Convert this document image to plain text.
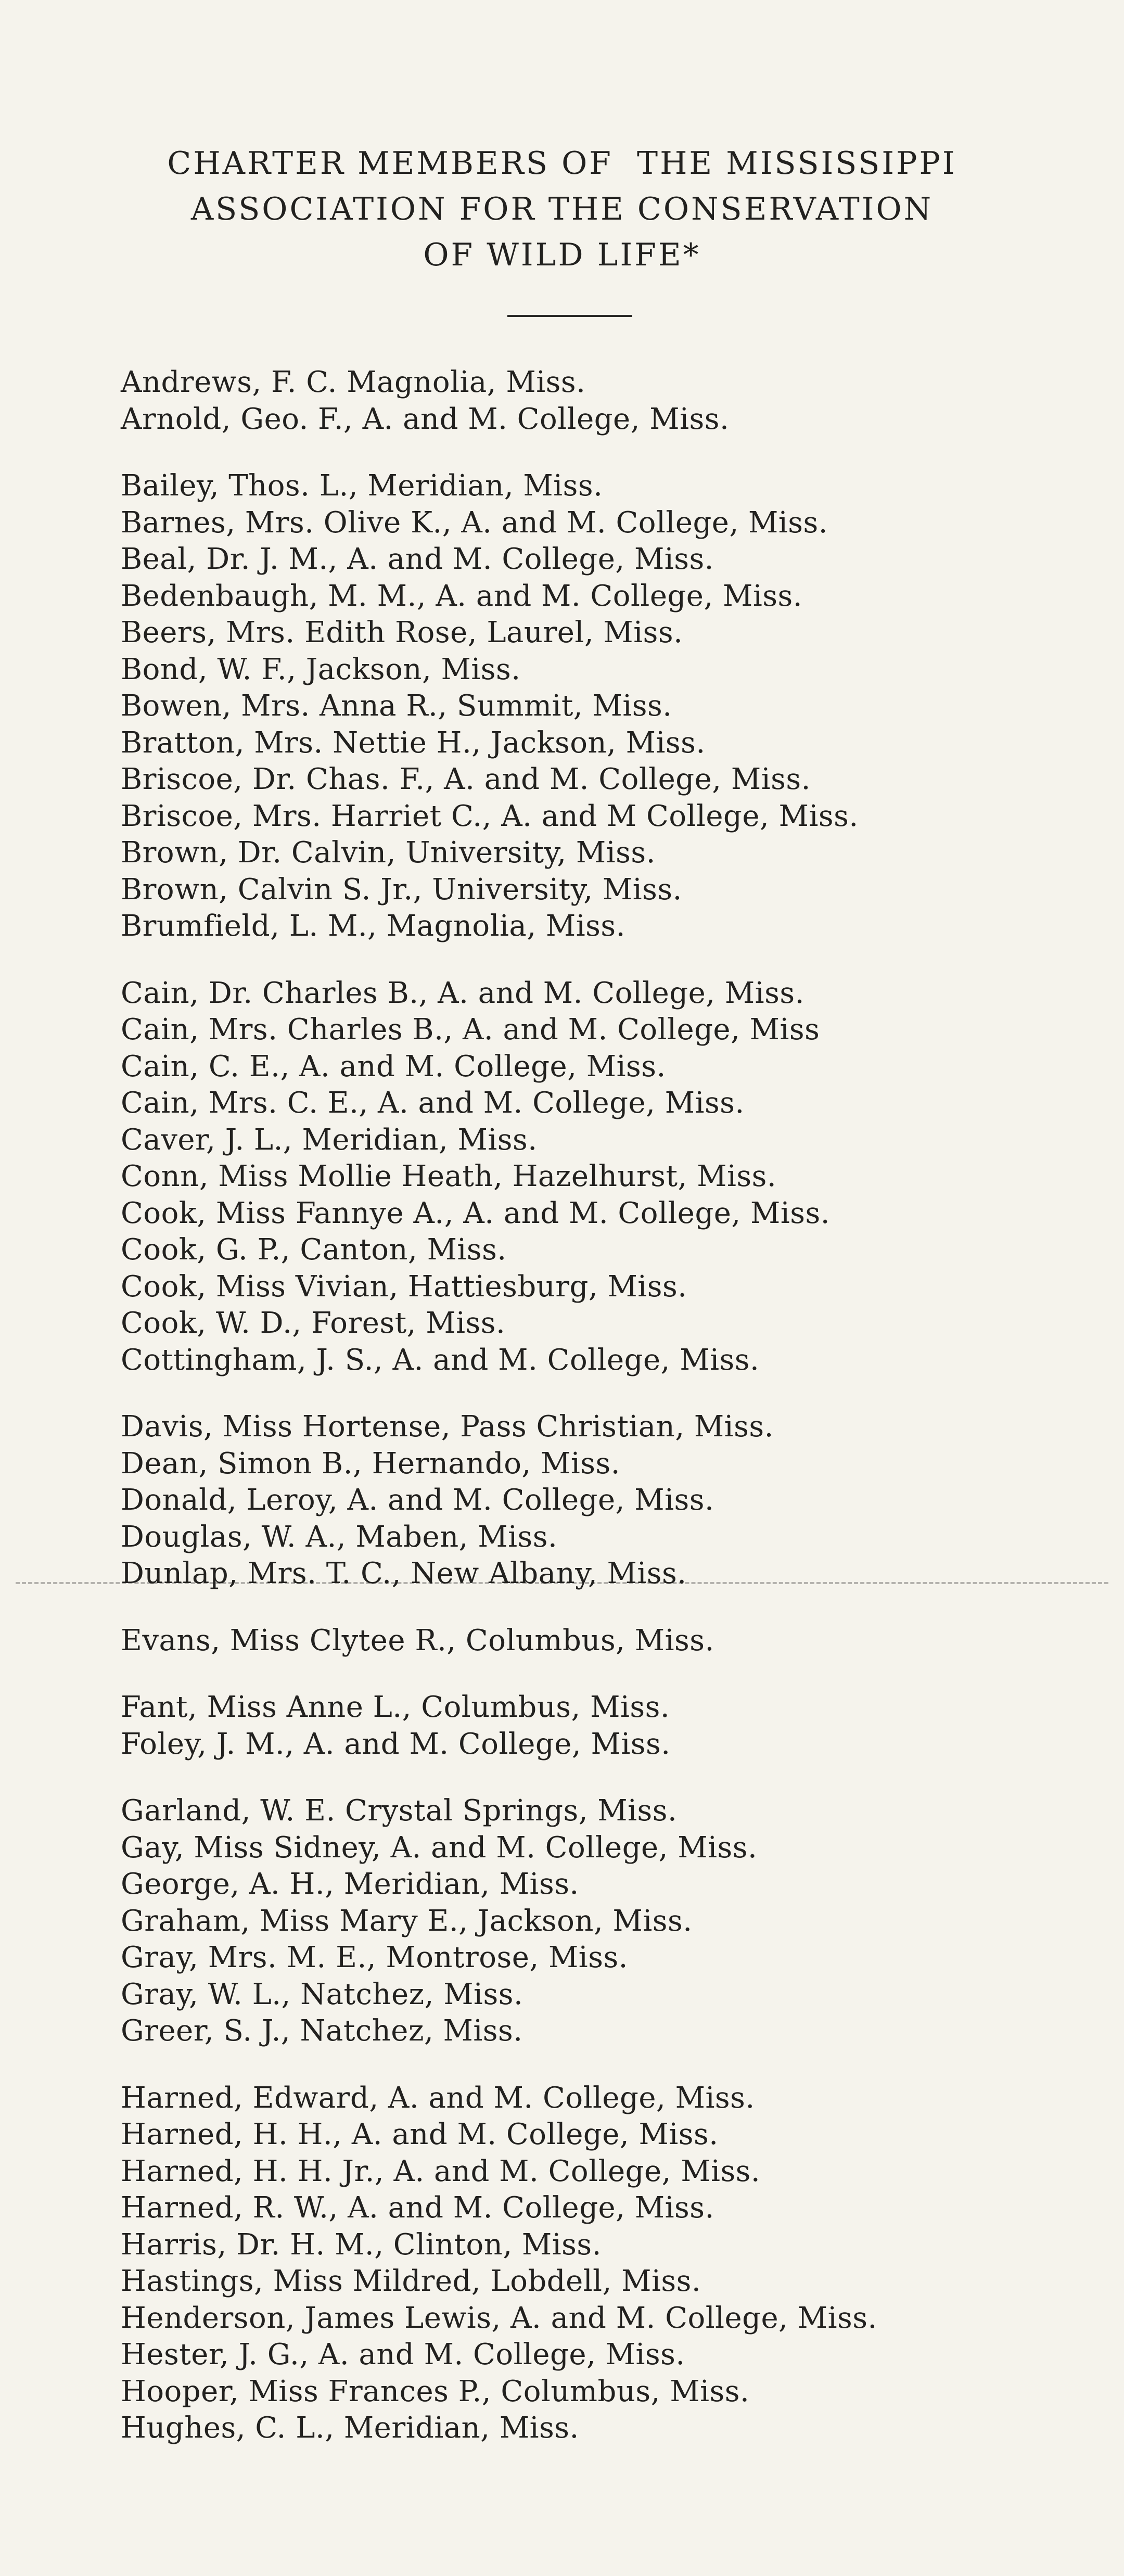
CHARTER MEMBERS OF  THE MISSISSIPPI
ASSOCIATION FOR THE CONSERVATION
OF WILD LIFE*
Andrews, F. C. Magnolia, Miss.
Arnold, Geo. F., A. and M. College, Miss.
Bailey, Thos. L., Meridian, Miss.
Barnes, Mrs. Olive K., A. and M. College, Miss.
Beal, Dr. J. M., A. and M. College, Miss.
Bedenbaugh, M. M., A. and M. College, Miss.
Beers, Mrs. Edith Rose, Laurel, Miss.
Bond, W. F., Jackson, Miss.
Bowen, Mrs. Anna R., Summit, Miss.
Bratton, Mrs. Nettie H., Jackson, Miss.
Briscoe, Dr. Chas. F., A. and M. College, Miss.
Briscoe, Mrs. Harriet C., A. and M College, Miss.
Brown, Dr. Calvin, University, Miss.
Brown, Calvin S. Jr., University, Miss.
Brumfield, L. M., Magnolia, Miss.
Cain, Dr. Charles B., A. and M. College, Miss.
Cain, Mrs. Charles B., A. and M. College, Miss
Cain, C. E., A. and M. College, Miss.
Cain, Mrs. C. E., A. and M. College, Miss.
Caver, J. L., Meridian, Miss.
Conn, Miss Mollie Heath, Hazelhurst, Miss.
Cook, Miss Fannye A., A. and M. College, Miss.
Cook, G. P., Canton, Miss.
Cook, Miss Vivian, Hattiesburg, Miss.
Cook, W. D., Forest, Miss.
Cottingham, J. S., A. and M. College, Miss.
Davis, Miss Hortense, Pass Christian, Miss.
Dean, Simon B., Hernando, Miss.
Donald, Leroy, A. and M. College, Miss.
Douglas, W. A., Maben, Miss.
Dunlap, Mrs. T. C., New Albany, Miss.
Evans, Miss Clytee R., Columbus, Miss.
Fant, Miss Anne L., Columbus, Miss.
Foley, J. M., A. and M. College, Miss.
Garland, W. E. Crystal Springs, Miss.
Gay, Miss Sidney, A. and M. College, Miss.
George, A. H., Meridian, Miss.
Graham, Miss Mary E., Jackson, Miss.
Gray, Mrs. M. E., Montrose, Miss.
Gray, W. L., Natchez, Miss.
Greer, S. J., Natchez, Miss.
Harned, Edward, A. and M. College, Miss.
Harned, H. H., A. and M. College, Miss.
Harned, H. H. Jr., A. and M. College, Miss.
Harned, R. W., A. and M. College, Miss.
Harris, Dr. H. M., Clinton, Miss.
Hastings, Miss Mildred, Lobdell, Miss.
Henderson, James Lewis, A. and M. College, Miss.
Hester, J. G., A. and M. College, Miss.
Hooper, Miss Frances P., Columbus, Miss.
Hughes, C. L., Meridian, Miss.
